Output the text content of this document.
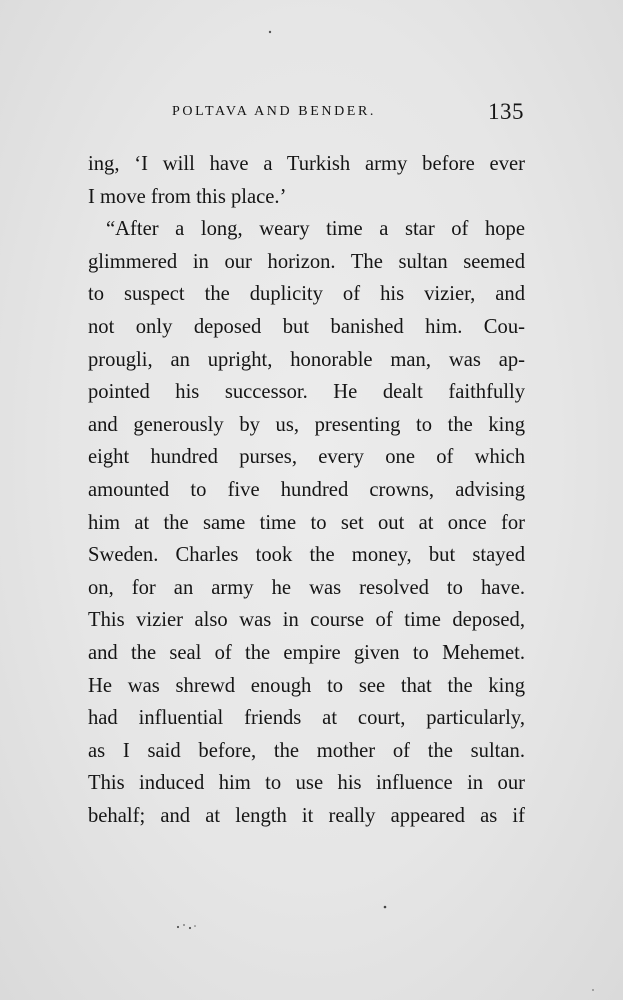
POLTAVA AND BENDER.	135
ing, ‘I will have a Turkish army before ever
I move from this place.’
“After a long, weary time a star of hope
glimmered in our horizon. The sultan seemed
to suspect the duplicity of his vizier, and
not only deposed but banished him. Cou-
prougli, an upright, honorable man, was ap-
pointed his successor. He dealt faithfully
and generously by us, presenting to the king
eight hundred purses, every one of which
amounted to five hundred crowns, advising
him at the same time to set out at once for
Sweden. Charles took the money, but stayed
on, for an army he was resolved to have.
This vizier also was in course of time deposed,
and the seal of the empire given to Mehemet.
He was shrewd enough to see that the king
had influential friends at court, particularly,
as I said before, the mother of the sultan.
This induced him to use his influence in our
behalf; and at length it really appeared as if
